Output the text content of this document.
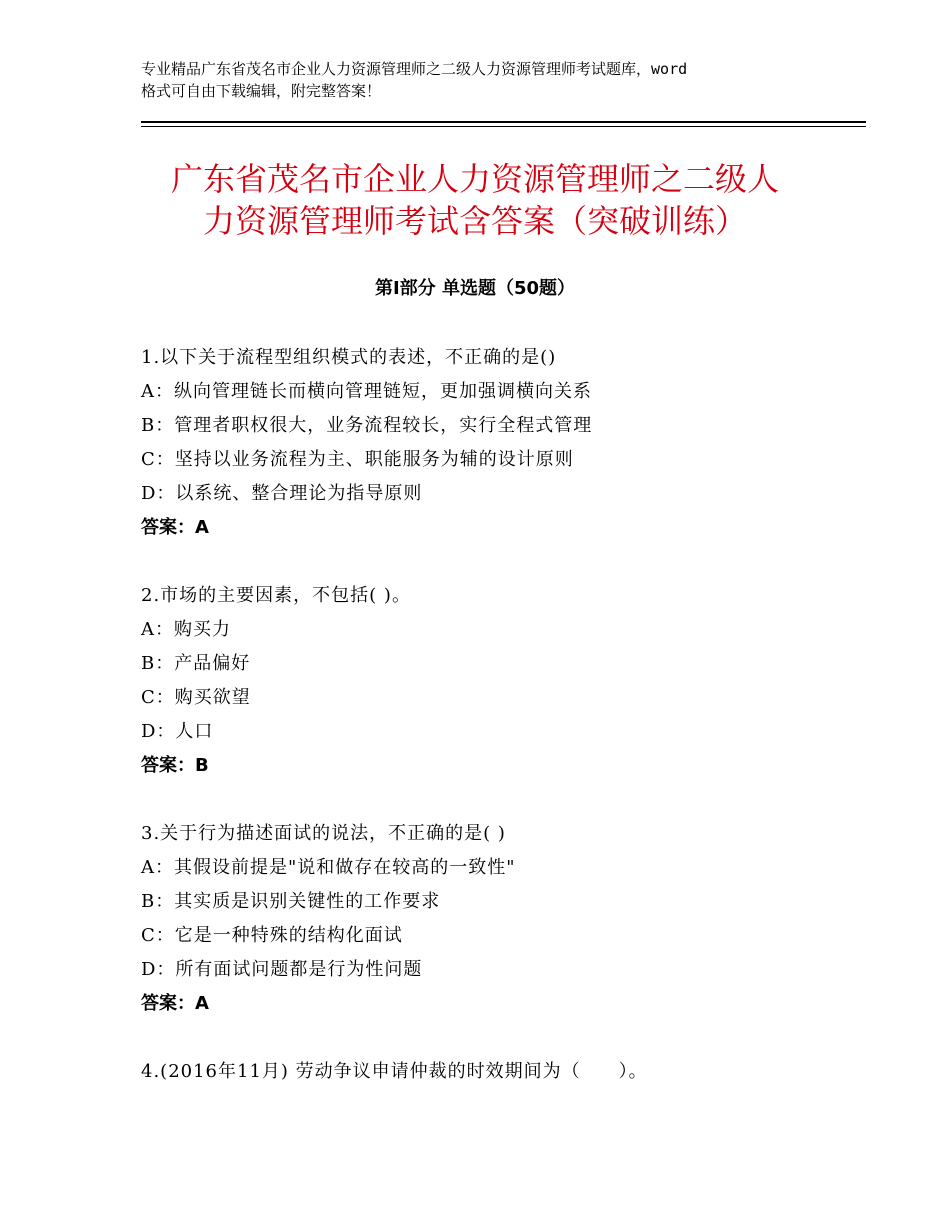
专业精品广东省茂名市企业人力资源管理师之二级人力资源管理师考试题库，word
格式可自由下载编辑，附完整答案！
广东省茂名市企业人力资源管理师之二级人
力资源管理师考试含答案（突破训练）
第Ⅰ部分 单选题（50题）
1.以下关于流程型组织模式的表述，不正确的是()
A：纵向管理链长而横向管理链短，更加强调横向关系
B：管理者职权很大，业务流程较长，实行全程式管理
C：坚持以业务流程为主、职能服务为辅的设计原则
D：以系统、整合理论为指导原则
答案：A
2.市场的主要因素，不包括( )。
A：购买力
B：产品偏好
C：购买欲望
D：人口
答案：B
3.关于行为描述面试的说法，不正确的是( )
A：其假设前提是"说和做存在较高的一致性"
B：其实质是识别关键性的工作要求
C：它是一种特殊的结构化面试
D：所有面试问题都是行为性问题
答案：A
4.(2016年11月) 劳动争议申请仲裁的时效期间为（　　）。
